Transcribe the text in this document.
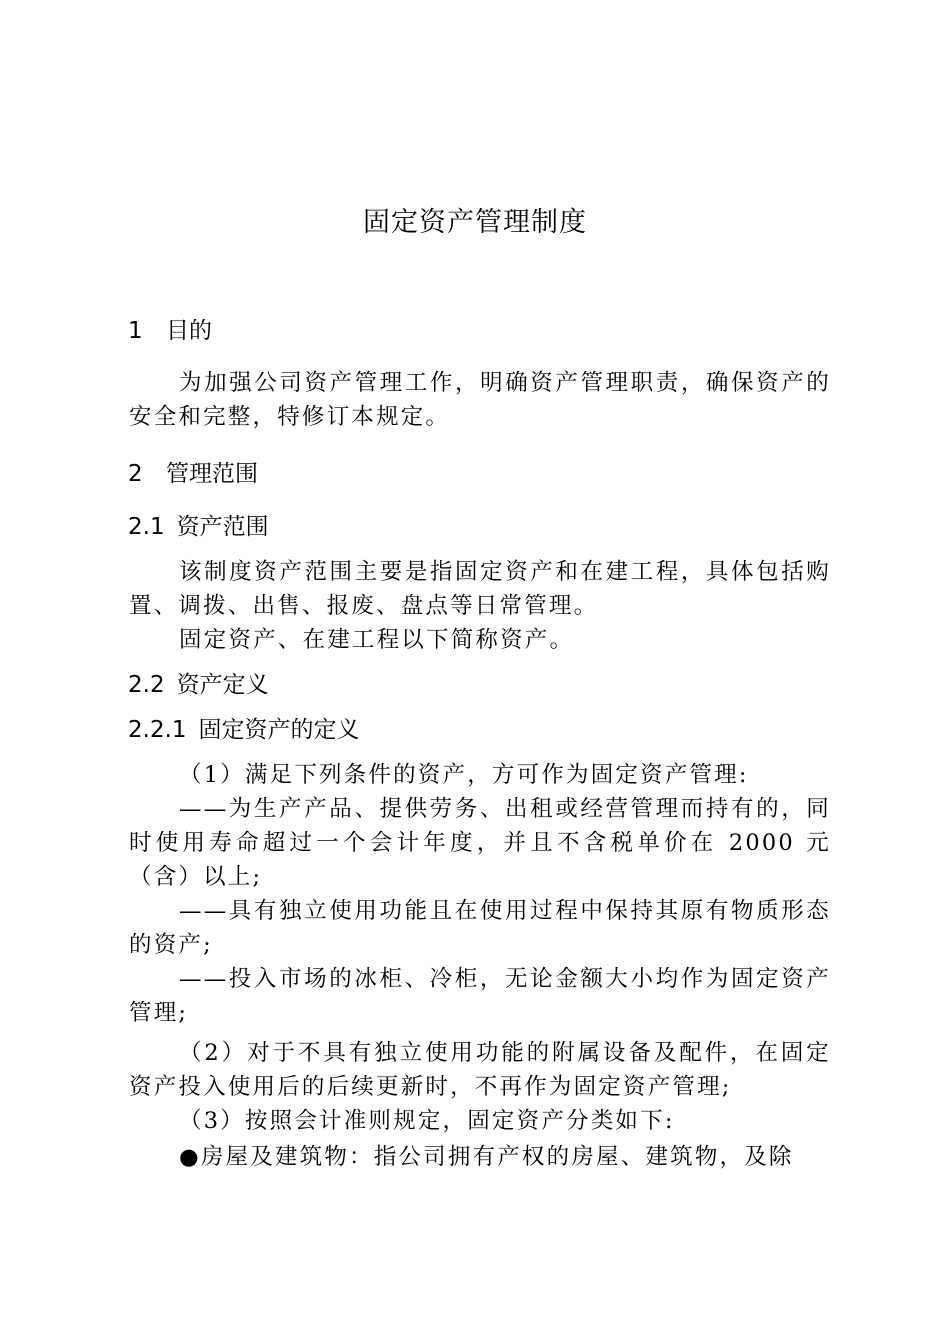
固定资产管理制度
1 目的
为加强公司资产管理工作，明确资产管理职责，确保资产的安全和完整，特修订本规定。
2 管理范围
2.1 资产范围
该制度资产范围主要是指固定资产和在建工程，具体包括购置、调拨、出售、报废、盘点等日常管理。
固定资产、在建工程以下简称资产。
2.2 资产定义
2.2.1 固定资产的定义
（1）满足下列条件的资产，方可作为固定资产管理:
——为生产产品、提供劳务、出租或经营管理而持有的，同时使用寿命超过一个会计年度，并且不含税单价在 2000 元（含）以上;
——具有独立使用功能且在使用过程中保持其原有物质形态的资产;
——投入市场的冰柜、冷柜，无论金额大小均作为固定资产管理;
（2）对于不具有独立使用功能的附属设备及配件，在固定资产投入使用后的后续更新时，不再作为固定资产管理;
（3）按照会计准则规定，固定资产分类如下:
●房屋及建筑物：指公司拥有产权的房屋、建筑物，及除
